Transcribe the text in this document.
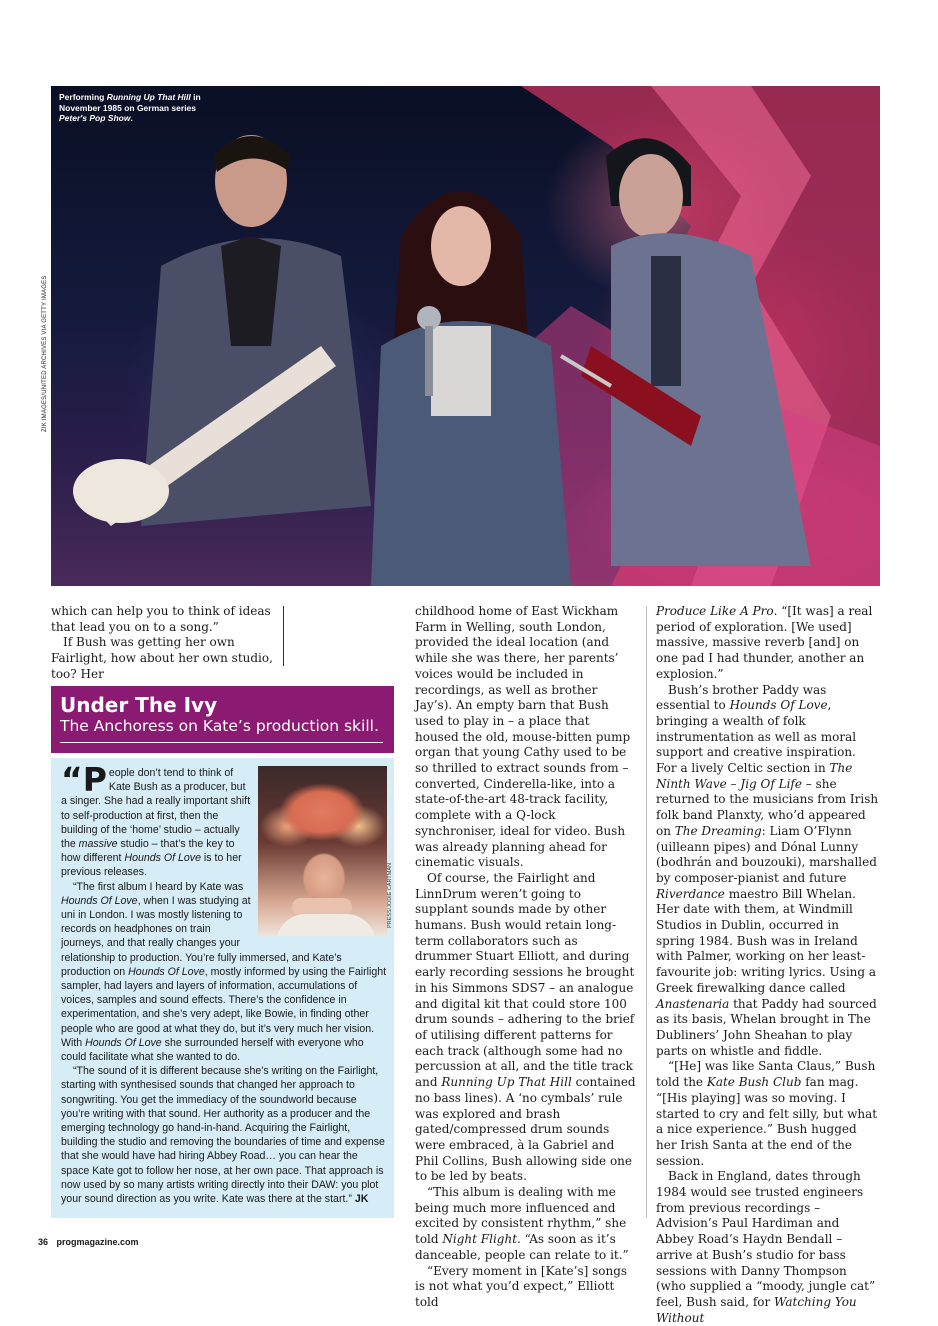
Performing Running Up That Hill in November 1985 on German series Peter's Pop Show.
ZIK IMAGES/UNITED ARCHIVES VIA GETTY IMAGES

which can help you to think of ideas that lead you on to a song.”

If Bush was getting her own Fairlight, how about her own studio, too? Her

Under The Ivy
The Anchoress on Kate’s production skill.

“People don’t tend to think of Kate Bush as a producer, but a singer. She had a really important shift to self-production at first, then the building of the ‘home’ studio – actually the massive studio – that’s the key to how different Hounds Of Love is to her previous releases.

“The first album I heard by Kate was Hounds Of Love, when I was studying at uni in London. I was mostly listening to records on headphones on train journeys, and that really changes your relationship to production. You’re fully immersed, and Kate’s production on Hounds Of Love, mostly informed by using the Fairlight sampler, had layers and layers of information, accumulations of voices, samples and sound effects. There’s the confidence in experimentation, and she’s very adept, like Bowie, in finding other people who are good at what they do, but it’s very much her vision. With Hounds Of Love she surrounded herself with everyone who could facilitate what she wanted to do.

“The sound of it is different because she’s writing on the Fairlight, starting with synthesised sounds that changed her approach to songwriting. You get the immediacy of the soundworld because you’re writing with that sound. Her authority as a producer and the emerging technology go hand-in-hand. Acquiring the Fairlight, building the studio and removing the boundaries of time and expense that she would have had hiring Abbey Road… you can hear the space Kate got to follow her nose, at her own pace. That approach is now used by so many artists writing directly into their DAW: you plot your sound direction as you write. Kate was there at the start.” JK

PRESS/JODIE CARTMAN

childhood home of East Wickham Farm in Welling, south London, provided the ideal location (and while she was there, her parents’ voices would be included in recordings, as well as brother Jay’s). An empty barn that Bush used to play in – a place that housed the old, mouse-bitten pump organ that young Cathy used to be so thrilled to extract sounds from – converted, Cinderella-like, into a state-of-the-art 48-track facility, complete with a Q-lock synchroniser, ideal for video. Bush was already planning ahead for cinematic visuals.

Of course, the Fairlight and LinnDrum weren’t going to supplant sounds made by other humans. Bush would retain long-term collaborators such as drummer Stuart Elliott, and during early recording sessions he brought in his Simmons SDS7 – an analogue and digital kit that could store 100 drum sounds – adhering to the brief of utilising different patterns for each track (although some had no percussion at all, and the title track and Running Up That Hill contained no bass lines). A ‘no cymbals’ rule was explored and brash gated/compressed drum sounds were embraced, à la Gabriel and Phil Collins, Bush allowing side one to be led by beats.

“This album is dealing with me being much more influenced and excited by consistent rhythm,” she told Night Flight. “As soon as it’s danceable, people can relate to it.”

“Every moment in [Kate’s] songs is not what you’d expect,” Elliott told

Produce Like A Pro. “[It was] a real period of exploration. [We used] massive, massive reverb [and] on one pad I had thunder, another an explosion.”

Bush’s brother Paddy was essential to Hounds Of Love, bringing a wealth of folk instrumentation as well as moral support and creative inspiration. For a lively Celtic section in The Ninth Wave – Jig Of Life – she returned to the musicians from Irish folk band Planxty, who’d appeared on The Dreaming: Liam O’Flynn (uilleann pipes) and Dónal Lunny (bodhrán and bouzouki), marshalled by composer-pianist and future Riverdance maestro Bill Whelan. Her date with them, at Windmill Studios in Dublin, occurred in spring 1984. Bush was in Ireland with Palmer, working on her least-favourite job: writing lyrics. Using a Greek firewalking dance called Anastenaria that Paddy had sourced as its basis, Whelan brought in The Dubliners’ John Sheahan to play parts on whistle and fiddle.

“[He] was like Santa Claus,” Bush told the Kate Bush Club fan mag. “[His playing] was so moving. I started to cry and felt silly, but what a nice experience.” Bush hugged her Irish Santa at the end of the session.

Back in England, dates through 1984 would see trusted engineers from previous recordings – Advision’s Paul Hardiman and Abbey Road’s Haydn Bendall – arrive at Bush’s studio for bass sessions with Danny Thompson (who supplied a “moody, jungle cat” feel, Bush said, for Watching You Without

36 progmagazine.com
